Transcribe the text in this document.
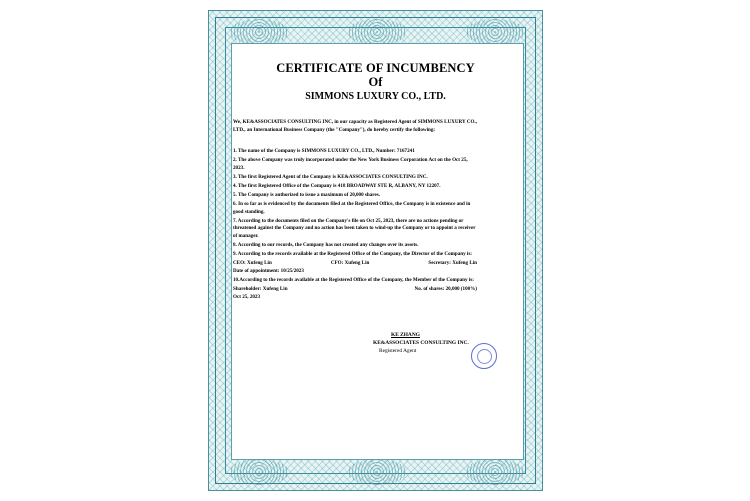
CERTIFICATE OF INCUMBENCY
Of
SIMMONS LUXURY CO., LTD.
We, KE&ASSOCIATES CONSULTING INC, in our capacity as Registered Agent of SIMMONS LUXURY CO., LTD., an International Business Company (the "Company"), do hereby certify the following:

1. The name of the Company is SIMMONS LUXURY CO., LTD., Number: 7167241

2. The above Company was truly incorporated under the New York Business Corporation Act on the Oct 25, 2023.

3. The first Registered Agent of the Company is KE&ASSOCIATES CONSULTING INC.

4. The first Registered Office of the Company is 418 BROADWAY STE R, ALBANY, NY 12207.

5. The Company is authorized to issue a maximum of 20,000 shares.

6. In so far as is evidenced by the documents filed at the Registered Office, the Company is in existence and in good standing.

7. According to the documents filed on the Company's file on Oct 25, 2023, there are no actions pending or threatened against the Company and no action has been taken to wind-up the Company or to appoint a receiver of manager.

8. According to our records, the Company has not created any changes over its assets.

9. According to the records available at the Registered Office of the Company, the Director of the Company is:

CEO: Xufeng Lin	CFO: Xufeng Lin	Secretary: Xufeng Lin

Date of appointment: 10/25/2023

10.According to the records available at the Registered Office of the Company, the Member of the Company is:

Shareholder: Xufeng Lin	No. of shares: 20,000 (100%)

Oct 25, 2023

KE ZHANG
KE&ASSOCIATES CONSULTING INC.
Registered Agent
